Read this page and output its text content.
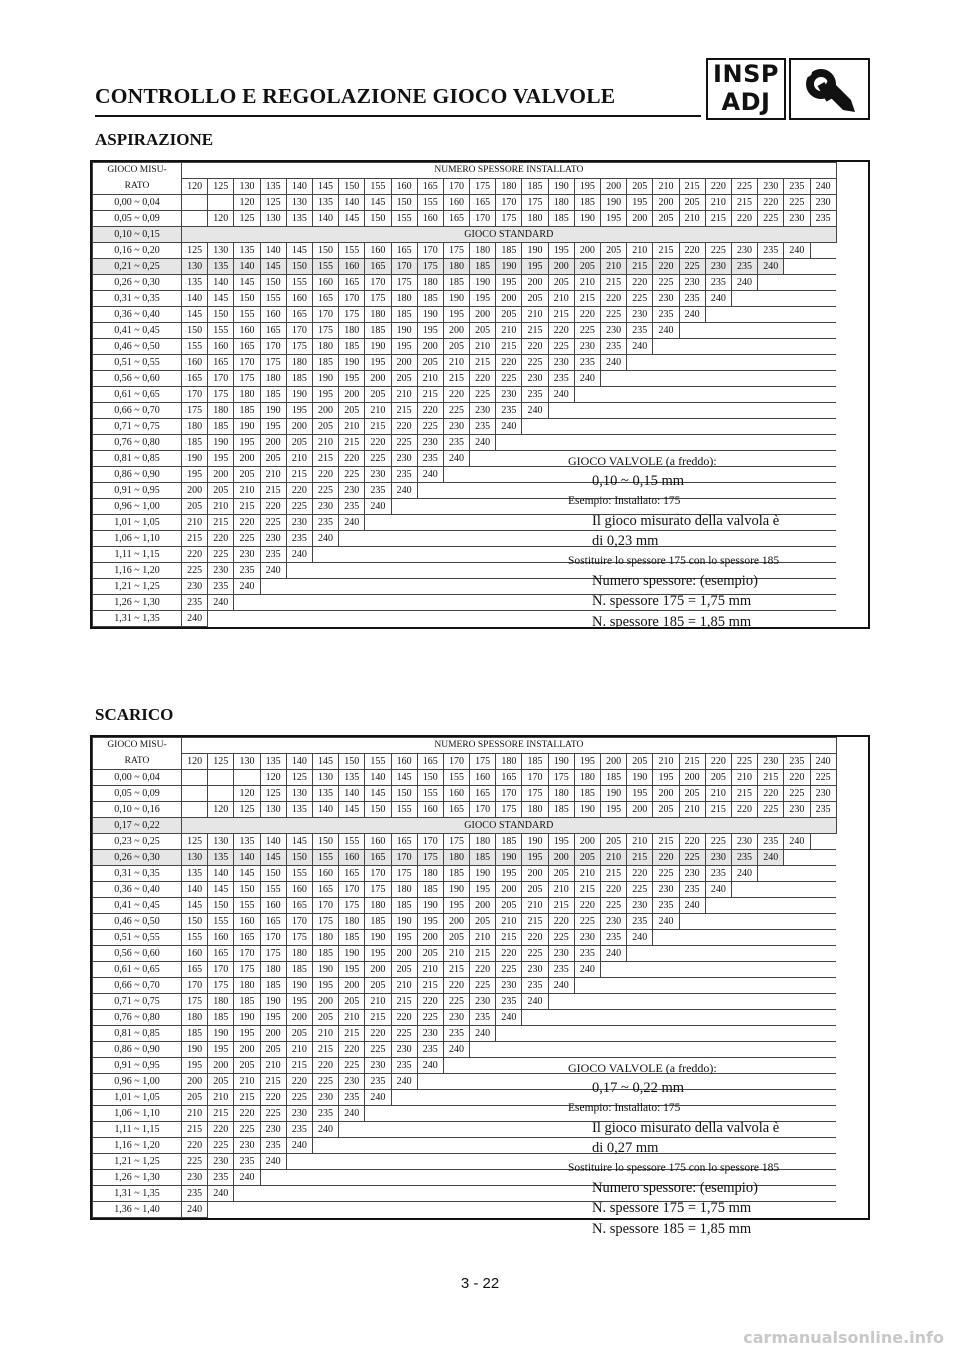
CONTROLLO E REGOLAZIONE GIOCO VALVOLE
INSP
ADJ
ASPIRAZIONE
GIOCO MISU-	NUMERO SPESSORE INSTALLATO																								
RATO	120	125	130	135	140	145	150	155	160	165	170	175	180	185	190	195	200	205	210	215	220	225	230	235	240
0,00 ~ 0,04			120	125	130	135	140	145	150	155	160	165	170	175	180	185	190	195	200	205	210	215	220	225	230
0,05 ~ 0,09		120	125	130	135	140	145	150	155	160	165	170	175	180	185	190	195	200	205	210	215	220	225	230	235
0,10 ~ 0,15	GIOCO STANDARD																								
0,16 ~ 0,20	125	130	135	140	145	150	155	160	165	170	175	180	185	190	195	200	205	210	215	220	225	230	235	240	
0,21 ~ 0,25	130	135	140	145	150	155	160	165	170	175	180	185	190	195	200	205	210	215	220	225	230	235	240		
0,26 ~ 0,30	135	140	145	150	155	160	165	170	175	180	185	190	195	200	205	210	215	220	225	230	235	240			
0,31 ~ 0,35	140	145	150	155	160	165	170	175	180	185	190	195	200	205	210	215	220	225	230	235	240				
0,36 ~ 0,40	145	150	155	160	165	170	175	180	185	190	195	200	205	210	215	220	225	230	235	240					
0,41 ~ 0,45	150	155	160	165	170	175	180	185	190	195	200	205	210	215	220	225	230	235	240						
0,46 ~ 0,50	155	160	165	170	175	180	185	190	195	200	205	210	215	220	225	230	235	240							
0,51 ~ 0,55	160	165	170	175	180	185	190	195	200	205	210	215	220	225	230	235	240								
0,56 ~ 0,60	165	170	175	180	185	190	195	200	205	210	215	220	225	230	235	240									
0,61 ~ 0,65	170	175	180	185	190	195	200	205	210	215	220	225	230	235	240										
0,66 ~ 0,70	175	180	185	190	195	200	205	210	215	220	225	230	235	240											
0,71 ~ 0,75	180	185	190	195	200	205	210	215	220	225	230	235	240												
0,76 ~ 0,80	185	190	195	200	205	210	215	220	225	230	235	240													
0,81 ~ 0,85	190	195	200	205	210	215	220	225	230	235	240														
0,86 ~ 0,90	195	200	205	210	215	220	225	230	235	240															
0,91 ~ 0,95	200	205	210	215	220	225	230	235	240																
0,96 ~ 1,00	205	210	215	220	225	230	235	240																	
1,01 ~ 1,05	210	215	220	225	230	235	240																		
1,06 ~ 1,10	215	220	225	230	235	240																			
1,11 ~ 1,15	220	225	230	235	240																				
1,16 ~ 1,20	225	230	235	240																					
1,21 ~ 1,25	230	235	240																						
1,26 ~ 1,30	235	240																							
1,31 ~ 1,35	240																								
GIOCO VALVOLE (a freddo):
0,10 ~ 0,15 mm
Esempio: Installato: 175
Il gioco misurato della valvola è
di 0,23 mm
Sostituire lo spessore 175 con lo spessore 185
Numero spessore: (esempio)
N. spessore 175 = 1,75 mm
N. spessore 185 = 1,85 mm
SCARICO
GIOCO MISU-	NUMERO SPESSORE INSTALLATO																								
RATO	120	125	130	135	140	145	150	155	160	165	170	175	180	185	190	195	200	205	210	215	220	225	230	235	240
0,00 ~ 0,04				120	125	130	135	140	145	150	155	160	165	170	175	180	185	190	195	200	205	210	215	220	225
0,05 ~ 0,09			120	125	130	135	140	145	150	155	160	165	170	175	180	185	190	195	200	205	210	215	220	225	230
0,10 ~ 0,16		120	125	130	135	140	145	150	155	160	165	170	175	180	185	190	195	200	205	210	215	220	225	230	235
0,17 ~ 0,22	GIOCO STANDARD																								
0,23 ~ 0,25	125	130	135	140	145	150	155	160	165	170	175	180	185	190	195	200	205	210	215	220	225	230	235	240	
0,26 ~ 0,30	130	135	140	145	150	155	160	165	170	175	180	185	190	195	200	205	210	215	220	225	230	235	240		
0,31 ~ 0,35	135	140	145	150	155	160	165	170	175	180	185	190	195	200	205	210	215	220	225	230	235	240			
0,36 ~ 0,40	140	145	150	155	160	165	170	175	180	185	190	195	200	205	210	215	220	225	230	235	240				
0,41 ~ 0,45	145	150	155	160	165	170	175	180	185	190	195	200	205	210	215	220	225	230	235	240					
0,46 ~ 0,50	150	155	160	165	170	175	180	185	190	195	200	205	210	215	220	225	230	235	240						
0,51 ~ 0,55	155	160	165	170	175	180	185	190	195	200	205	210	215	220	225	230	235	240							
0,56 ~ 0,60	160	165	170	175	180	185	190	195	200	205	210	215	220	225	230	235	240								
0,61 ~ 0,65	165	170	175	180	185	190	195	200	205	210	215	220	225	230	235	240									
0,66 ~ 0,70	170	175	180	185	190	195	200	205	210	215	220	225	230	235	240										
0,71 ~ 0,75	175	180	185	190	195	200	205	210	215	220	225	230	235	240											
0,76 ~ 0,80	180	185	190	195	200	205	210	215	220	225	230	235	240												
0,81 ~ 0,85	185	190	195	200	205	210	215	220	225	230	235	240													
0,86 ~ 0,90	190	195	200	205	210	215	220	225	230	235	240														
0,91 ~ 0,95	195	200	205	210	215	220	225	230	235	240															
0,96 ~ 1,00	200	205	210	215	220	225	230	235	240																
1,01 ~ 1,05	205	210	215	220	225	230	235	240																	
1,06 ~ 1,10	210	215	220	225	230	235	240																		
1,11 ~ 1,15	215	220	225	230	235	240																			
1,16 ~ 1,20	220	225	230	235	240																				
1,21 ~ 1,25	225	230	235	240																					
1,26 ~ 1,30	230	235	240																						
1,31 ~ 1,35	235	240																							
1,36 ~ 1,40	240																								
GIOCO VALVOLE (a freddo):
0,17 ~ 0,22 mm
Esempio: Installato: 175
Il gioco misurato della valvola è
di 0,27 mm
Sostituire lo spessore 175 con lo spessore 185
Numero spessore: (esempio)
N. spessore 175 = 1,75 mm
N. spessore 185 = 1,85 mm
3 - 22
carmanualsonline.info
